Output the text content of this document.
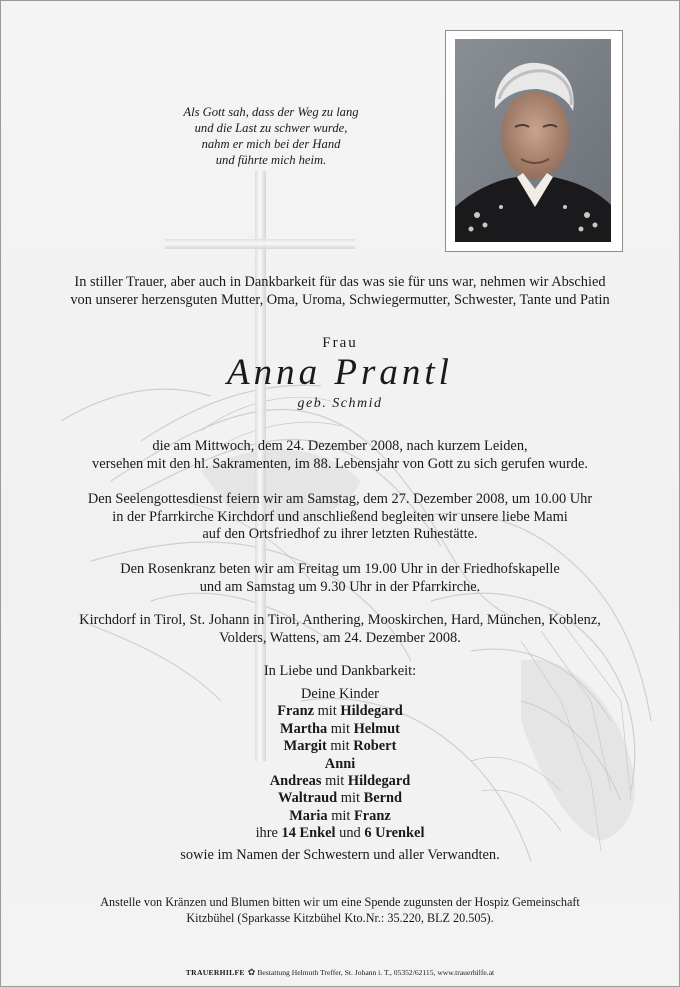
Als Gott sah, dass der Weg zu lang
und die Last zu schwer wurde,
nahm er mich bei der Hand
und führte mich heim.
In stiller Trauer, aber auch in Dankbarkeit für das was sie für uns war, nehmen wir Abschied
von unserer herzensguten Mutter, Oma, Uroma, Schwiegermutter, Schwester, Tante und Patin
Frau
Anna Prantl
geb. Schmid
die am Mittwoch, dem 24. Dezember 2008, nach kurzem Leiden,
versehen mit den hl. Sakramenten, im 88. Lebensjahr von Gott zu sich gerufen wurde.
Den Seelengottesdienst feiern wir am Samstag, dem 27. Dezember 2008, um 10.00 Uhr
in der Pfarrkirche Kirchdorf und anschließend begleiten wir unsere liebe Mami
auf den Ortsfriedhof zu ihrer letzten Ruhestätte.
Den Rosenkranz beten wir am Freitag um 19.00 Uhr in der Friedhofskapelle
und am Samstag um 9.30 Uhr in der Pfarrkirche.
Kirchdorf in Tirol, St. Johann in Tirol, Anthering, Mooskirchen, Hard, München, Koblenz,
Volders, Wattens, am 24. Dezember 2008.
In Liebe und Dankbarkeit:
Deine Kinder
Franz mit Hildegard
Martha mit Helmut
Margit mit Robert
Anni
Andreas mit Hildegard
Waltraud mit Bernd
Maria mit Franz
ihre 14 Enkel und 6 Urenkel
sowie im Namen der Schwestern und aller Verwandten.
Anstelle von Kränzen und Blumen bitten wir um eine Spende zugunsten der Hospiz Gemeinschaft
Kitzbühel (Sparkasse Kitzbühel Kto.Nr.: 35.220, BLZ 20.505).
TRAUERHILFE ✿ Bestattung Helmuth Treffer, St. Johann i. T., 05352/62115, www.trauerhilfe.at
